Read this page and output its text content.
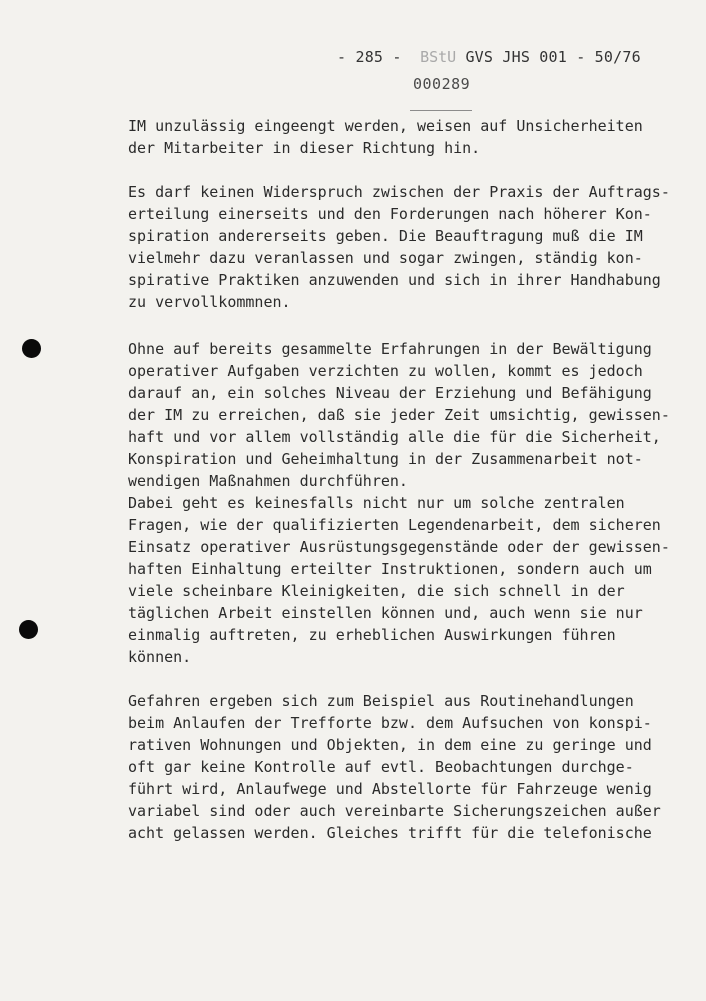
- 285 - BStU GVS JHS 001 - 50/76
000289

IM unzulässig eingeengt werden, weisen auf Unsicherheiten
der Mitarbeiter in dieser Richtung hin.

Es darf keinen Widerspruch zwischen der Praxis der Auftrags-
erteilung einerseits und den Forderungen nach höherer Kon-
spiration andererseits geben. Die Beauftragung muß die IM
vielmehr dazu veranlassen und sogar zwingen, ständig kon-
spirative Praktiken anzuwenden und sich in ihrer Handhabung
zu vervollkommnen.

Ohne auf bereits gesammelte Erfahrungen in der Bewältigung
operativer Aufgaben verzichten zu wollen, kommt es jedoch
darauf an, ein solches Niveau der Erziehung und Befähigung
der IM zu erreichen, daß sie jeder Zeit umsichtig, gewissen-
haft und vor allem vollständig alle die für die Sicherheit,
Konspiration und Geheimhaltung in der Zusammenarbeit not-
wendigen Maßnahmen durchführen.
Dabei geht es keinesfalls nicht nur um solche zentralen
Fragen, wie der qualifizierten Legendenarbeit, dem sicheren
Einsatz operativer Ausrüstungsgegenstände oder der gewissen-
haften Einhaltung erteilter Instruktionen, sondern auch um
viele scheinbare Kleinigkeiten, die sich schnell in der
täglichen Arbeit einstellen können und, auch wenn sie nur
einmalig auftreten, zu erheblichen Auswirkungen führen
können.

Gefahren ergeben sich zum Beispiel aus Routinehandlungen
beim Anlaufen der Trefforte bzw. dem Aufsuchen von konspi-
rativen Wohnungen und Objekten, in dem eine zu geringe und
oft gar keine Kontrolle auf evtl. Beobachtungen durchge-
führt wird, Anlaufwege und Abstellorte für Fahrzeuge wenig
variabel sind oder auch vereinbarte Sicherungszeichen außer
acht gelassen werden. Gleiches trifft für die telefonische
